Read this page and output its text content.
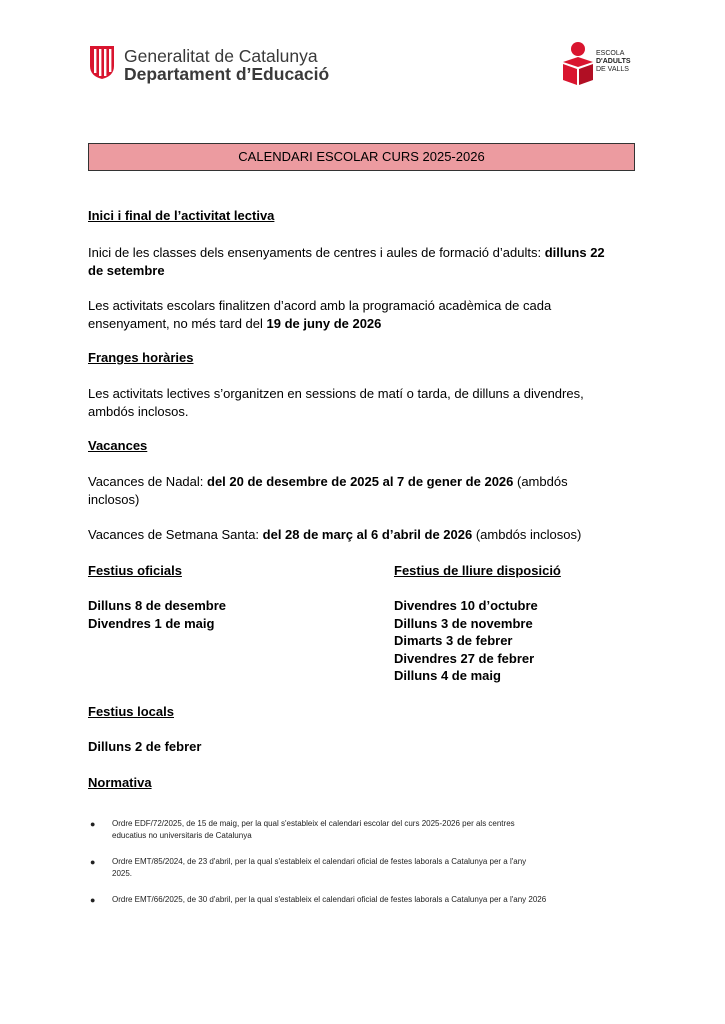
Generalitat de Catalunya
Departament d’Educació
ESCOLA
D'ADULTS
DE VALLS
CALENDARI ESCOLAR CURS 2025-2026
Inici i final de l’activitat lectiva
Inici de les classes dels ensenyaments de centres i aules de formació d’adults: dilluns 22
de setembre
Les activitats escolars finalitzen d’acord amb la programació acadèmica de cada
ensenyament, no més tard del 19 de juny de 2026
Franges horàries
Les activitats lectives s’organitzen en sessions de matí o tarda, de dilluns a divendres,
ambdós inclosos.
Vacances
Vacances de Nadal: del 20 de desembre de 2025 al 7 de gener de 2026 (ambdós
inclosos)
Vacances de Setmana Santa: del 28 de març al 6 d’abril de 2026 (ambdós inclosos)
Festius oficials
Dilluns 8 de desembre
Divendres 1 de maig
Festius de lliure disposició
Divendres 10 d’octubre
Dilluns 3 de novembre
Dimarts 3 de febrer
Divendres 27 de febrer
Dilluns 4 de maig
Festius locals
Dilluns 2 de febrer
Normativa
● Ordre EDF/72/2025, de 15 de maig, per la qual s'estableix el calendari escolar del curs 2025-2026 per als centres
educatius no universitaris de Catalunya
● Ordre EMT/85/2024, de 23 d'abril, per la qual s'estableix el calendari oficial de festes laborals a Catalunya per a l'any
2025.
● Ordre EMT/66/2025, de 30 d'abril, per la qual s'estableix el calendari oficial de festes laborals a Catalunya per a l'any 2026
